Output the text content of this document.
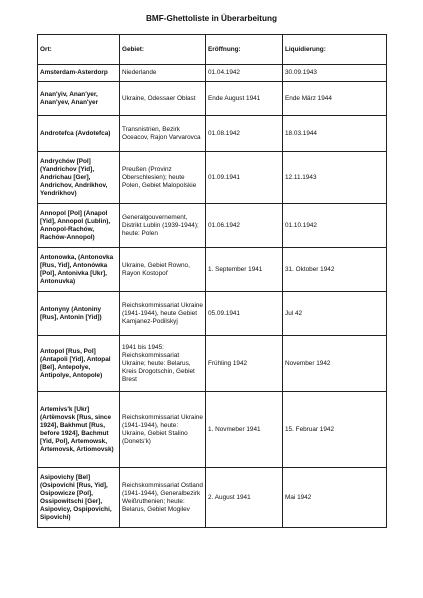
BMF-Ghettoliste in Überarbeitung
Ort:	Gebiet:	Eröffnung:	Liquidierung:
Amsterdam-Asterdorp	Niederlande	01.04.1942	30.09.1943
Anan'yiv, Anan'yer, Anan'yev, Anan'yer	Ukraine, Odessaer Oblast	Ende August 1941	Ende März 1944
Androtefca (Avdotefca)	Transnistrien, Bezirk Oceacov, Rajon Varvarovca	01.08.1942	18.03.1944
Andrychów [Pol] (Yandrichov [Yid], Andrichau [Ger], Andrichov, Andrikhov, Yendrikhov)	Preußen (Provinz Oberschlesien); heute Polen, Gebiet Malopolskie	01.09.1941	12.11.1943
Annopol [Pol] (Anapol [Yid], Annopol (Lublin), Annopol-Rachów, Rachów-Annopol)	Generalgouvernement, Distrikt Lublin (1939-1944); heute: Polen	01.06.1942	01.10.1942
Antonowka, (Antonovka [Rus, Yid], Antonówka [Pol], Antonivka [Ukr], Antonuvka)	Ukraine, Gebiet Rowno, Rayon Kostopol'	1. September 1941	31. Oktober 1942
Antonyny (Antoniny [Rus], Antonin [Yid])	Reichskommissariat Ukraine (1941-1944), heute Gebiet Kamjanez-Podilskyj	05.09.1941	Jul 42
Antopol [Rus, Pol] (Antapoli [Yid], Antopal [Bel], Antepolye, Antipolye, Antopole)	1941 bis 1945: Reichskommissariat Ukraine; heute: Belarus, Kreis Drogotschin, Gebiet Brest	Frühling 1942	November 1942
Artemivs'k [Ukr] (Artëmovsk [Rus, since 1924], Bakhmut [Rus, before 1924], Bachmut [Yid, Pol], Artemowsk, Artemovsk, Artiomovsk)	Reichskommissariat Ukraine (1941-1944), heute: Ukraine, Gebiet Stalino (Donets'k)	1. Novmeber 1941	15. Februar 1942
Asipovichy [Bel] (Osipovichi [Rus, Yid], Osipowicze [Pol], Ossipowitschi [Ger], Asipovicy, Ospipovichi, Sipovichi)	Reichskommissariat Ostland (1941-1944), Generalbezirk Weißruthenien; heute: Belarus, Gebiet Mogilev	2. August 1941	Mai 1942
